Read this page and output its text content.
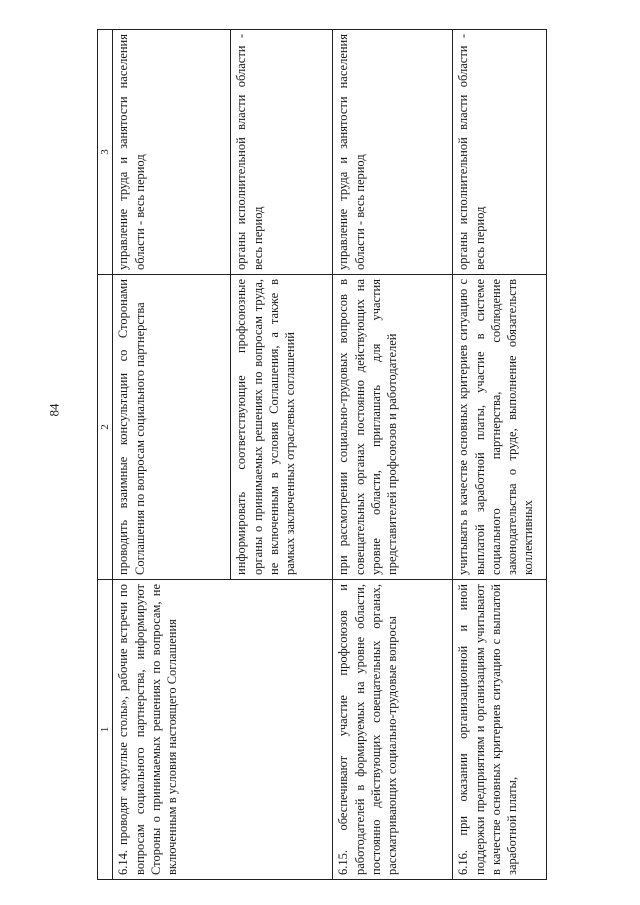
84
1	2	3
6.14. проводят «круглые столы», рабочие встречи по вопросам социального партнерства, информируют Стороны о принимаемых решениях по вопросам, не включенным в условия настоящего Соглашения	проводить взаимные консультации со Сторонами Соглашения по вопросам социального партнерства	управление труда и занятости населения области - весь период
	информировать соответствующие профсоюзные органы о принимаемых решениях по вопросам труда, не включенным в условия Соглашения, а также в рамках заключенных отраслевых соглашений	органы исполнительной власти области - весь период
6.15. обеспечивают участие профсоюзов и работодателей в формируемых на уровне области, постоянно действующих совещательных органах, рассматривающих социально-трудовые вопросы	при рассмотрении социально-трудовых вопросов в совещательных органах постоянно действующих на уровне области, приглашать для участия представителей профсоюзов и работодателей	управление труда и занятости населения области - весь период
6.16. при оказании организационной и иной поддержки предприятиям и организациям учитывают в качестве основных критериев ситуацию с выплатой заработной платы,	учитывать в качестве основных критериев ситуацию с выплатой заработной платы, участие в системе социального партнерства, соблюдение законодательства о труде, выполнение обязательств коллективных	органы исполнительной власти области - весь период
